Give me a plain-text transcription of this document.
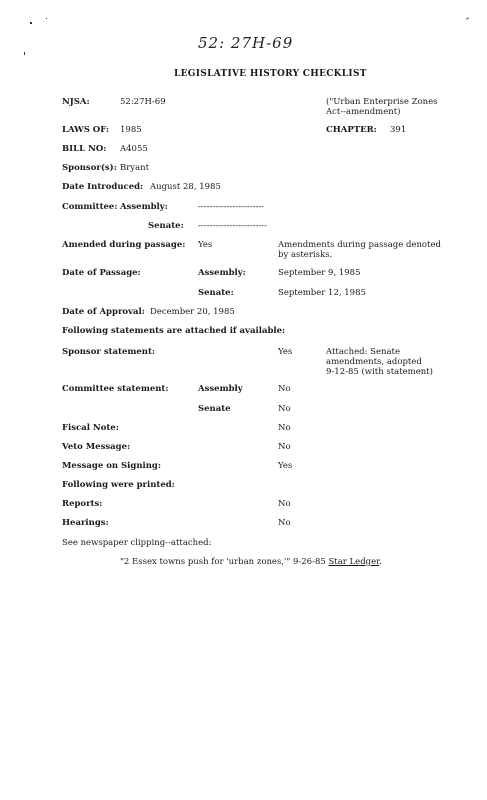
52: 27H-69
LEGISLATIVE HISTORY CHECKLIST
NJSA:	52:27H-69	("Urban Enterprise Zones
Act--amendment)
LAWS OF: 1985	CHAPTER: 391
BILL NO: A4055
Sponsor(s): Bryant
Date Introduced: August 28, 1985
Committee: Assembly:	-----------------------
Senate: ------------------------
Amended during passage: Yes	Amendments during passage denoted
by asterisks.
Date of Passage:	Assembly:	September 9, 1985
Senate:	September 12, 1985
Date of Approval: December 20, 1985
Following statements are attached if available:
Sponsor statement:	Yes	Attached: Senate
amendments, adopted
9-12-85 (with statement)
Committee statement:	Assembly	No
Senate	No
Fiscal Note:	No
Veto Message:	No
Message on Signing:	Yes
Following were printed:
Reports:	No
Hearings:	No
See newspaper clipping--attached:
"2 Essex towns push for 'urban zones,'" 9-26-85 Star Ledger.
